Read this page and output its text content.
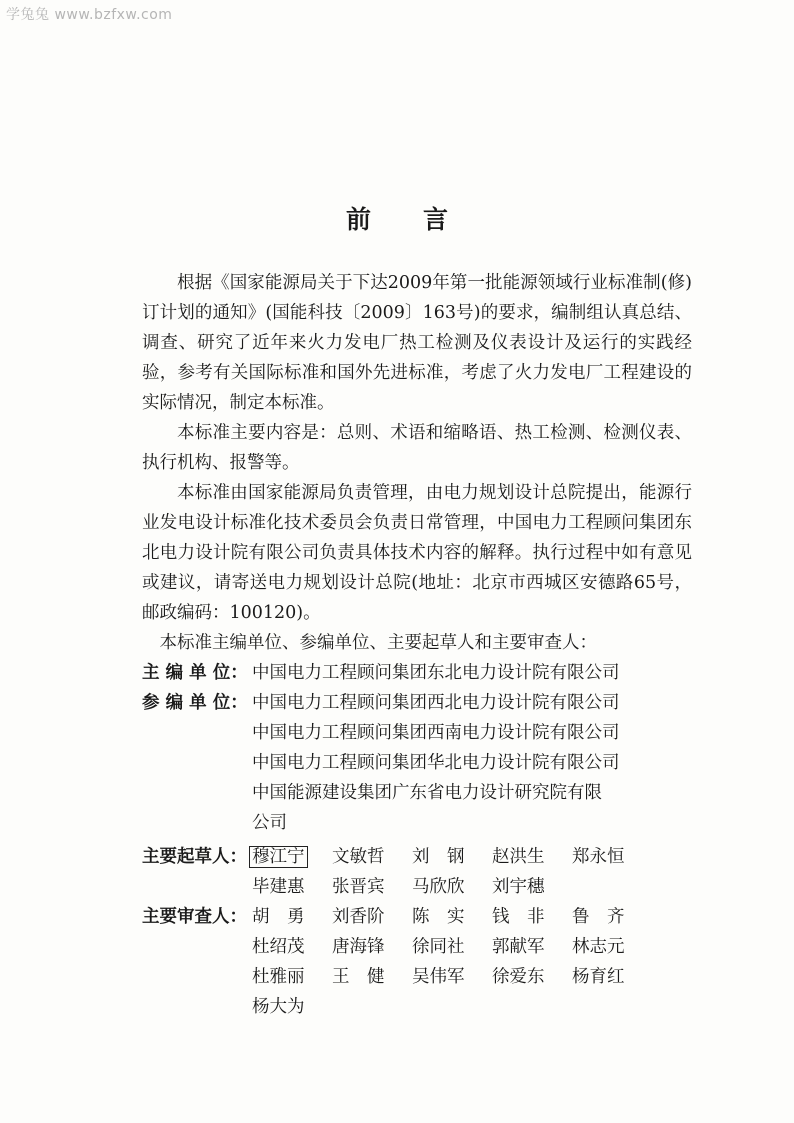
学兔兔 www.bzfxw.com
前 言

根据《国家能源局关于下达2009年第一批能源领域行业标准制(修)订计划的通知》(国能科技〔2009〕163号)的要求，编制组认真总结、调查、研究了近年来火力发电厂热工检测及仪表设计及运行的实践经验，参考有关国际标准和国外先进标准，考虑了火力发电厂工程建设的实际情况，制定本标准。

本标准主要内容是：总则、术语和缩略语、热工检测、检测仪表、执行机构、报警等。

本标准由国家能源局负责管理，由电力规划设计总院提出，能源行业发电设计标准化技术委员会负责日常管理，中国电力工程顾问集团东北电力设计院有限公司负责具体技术内容的解释。执行过程中如有意见或建议，请寄送电力规划设计总院(地址：北京市西城区安德路65号，邮政编码：100120)。

本标准主编单位、参编单位、主要起草人和主要审查人：

主 编 单 位： 中国电力工程顾问集团东北电力设计院有限公司
参 编 单 位： 中国电力工程顾问集团西北电力设计院有限公司
中国电力工程顾问集团西南电力设计院有限公司
中国电力工程顾问集团华北电力设计院有限公司
中国能源建设集团广东省电力设计研究院有限
公司
主要起草人： 穆江宁	文敏哲	刘　钢	赵洪生	郑永恒
毕建惠	张晋宾	马欣欣	刘宇穗
主要审查人： 胡　勇	刘香阶	陈　实	钱　非	鲁　齐
杜绍茂	唐海锋	徐同社	郭献军	林志元
杜雅丽	王　健	吴伟军	徐爱东	杨育红
杨大为
